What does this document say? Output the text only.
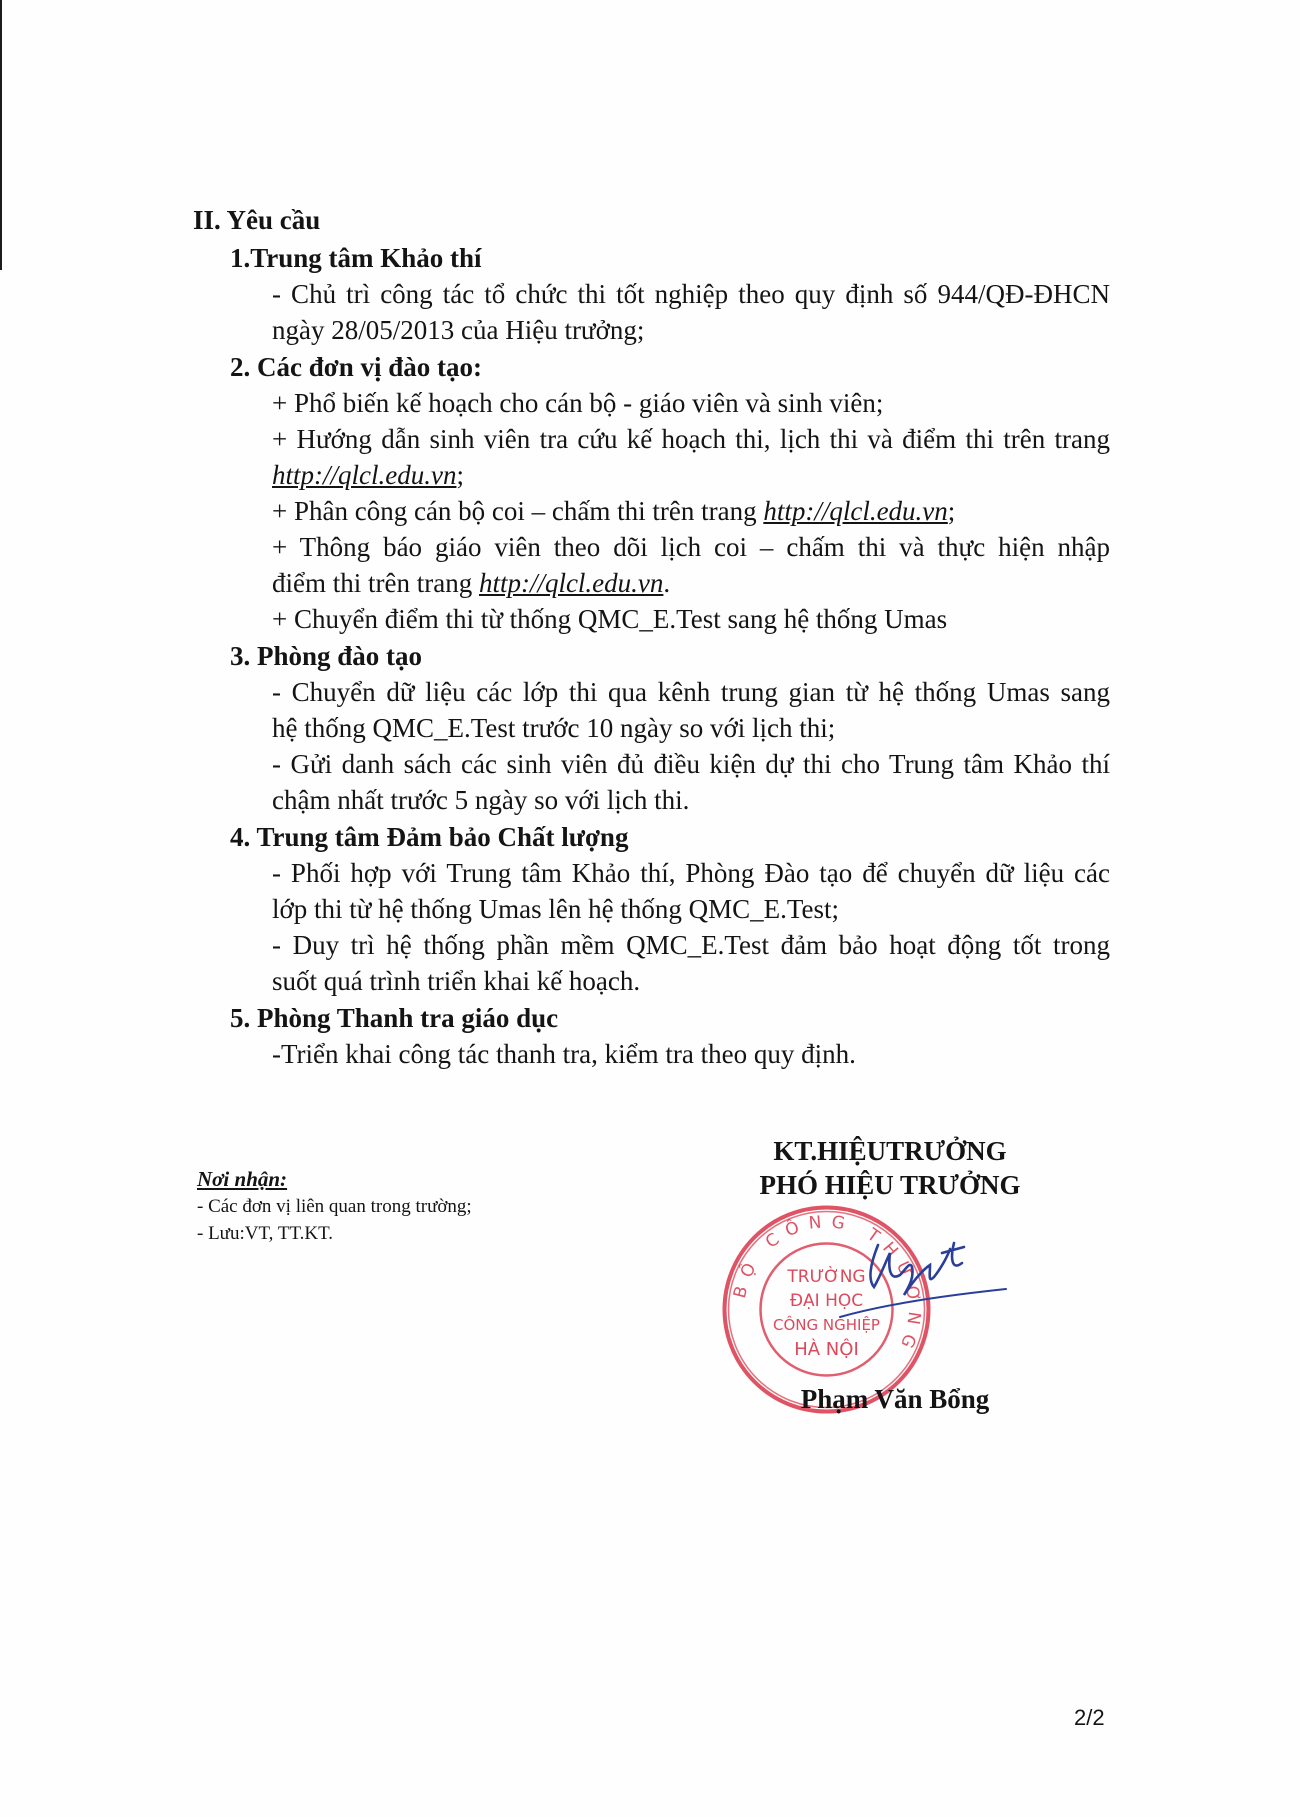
II. Yêu cầu
1.Trung tâm Khảo thí
- Chủ trì công tác tổ chức thi tốt nghiệp theo quy định số 944/QĐ-ĐHCN
ngày 28/05/2013 của Hiệu trưởng;
2. Các đơn vị đào tạo:
+ Phổ biến kế hoạch cho cán bộ - giáo viên và sinh viên;
+ Hướng dẫn sinh viên tra cứu kế hoạch thi, lịch thi và điểm thi trên trang
http://qlcl.edu.vn;
+ Phân công cán bộ coi – chấm thi trên trang http://qlcl.edu.vn;
+ Thông báo giáo viên theo dõi lịch coi – chấm thi và thực hiện nhập
điểm thi trên trang http://qlcl.edu.vn.
+ Chuyển điểm thi từ thống QMC_E.Test sang hệ thống Umas
3. Phòng đào tạo
- Chuyển dữ liệu các lớp thi qua kênh trung gian từ hệ thống Umas sang
hệ thống QMC_E.Test trước 10 ngày so với lịch thi;
- Gửi danh sách các sinh viên đủ điều kiện dự thi cho Trung tâm Khảo thí
chậm nhất trước 5 ngày so với lịch thi.
4. Trung tâm Đảm bảo Chất lượng
- Phối hợp với Trung tâm Khảo thí, Phòng Đào tạo để chuyển dữ liệu các
lớp thi từ hệ thống Umas lên hệ thống QMC_E.Test;
- Duy trì hệ thống phần mềm QMC_E.Test đảm bảo hoạt động tốt trong
suốt quá trình triển khai kế hoạch.
5. Phòng Thanh tra giáo dục
-Triển khai công tác thanh tra, kiểm tra theo quy định.
Nơi nhận:
- Các đơn vị liên quan trong trường;
- Lưu:VT, TT.KT.
KT.HIỆUTRƯỞNG
PHÓ HIỆU TRƯỞNG
BỘ CÔNG THƯƠNG
TRƯỜNG
ĐẠI HỌC
CÔNG NGHIỆP
HÀ NỘI
Phạm Văn Bổng
2/2
